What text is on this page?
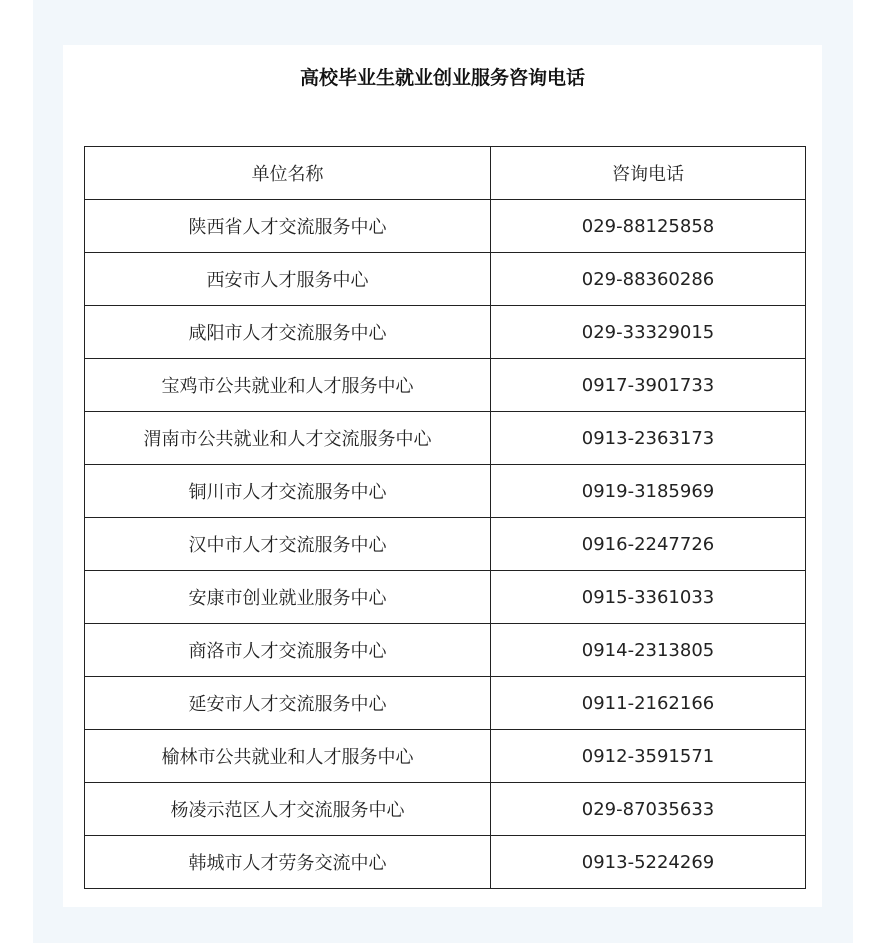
高校毕业生就业创业服务咨询电话
单位名称	咨询电话
陕西省人才交流服务中心	029-88125858
西安市人才服务中心	029-88360286
咸阳市人才交流服务中心	029-33329015
宝鸡市公共就业和人才服务中心	0917-3901733
渭南市公共就业和人才交流服务中心	0913-2363173
铜川市人才交流服务中心	0919-3185969
汉中市人才交流服务中心	0916-2247726
安康市创业就业服务中心	0915-3361033
商洛市人才交流服务中心	0914-2313805
延安市人才交流服务中心	0911-2162166
榆林市公共就业和人才服务中心	0912-3591571
杨凌示范区人才交流服务中心	029-87035633
韩城市人才劳务交流中心	0913-5224269
